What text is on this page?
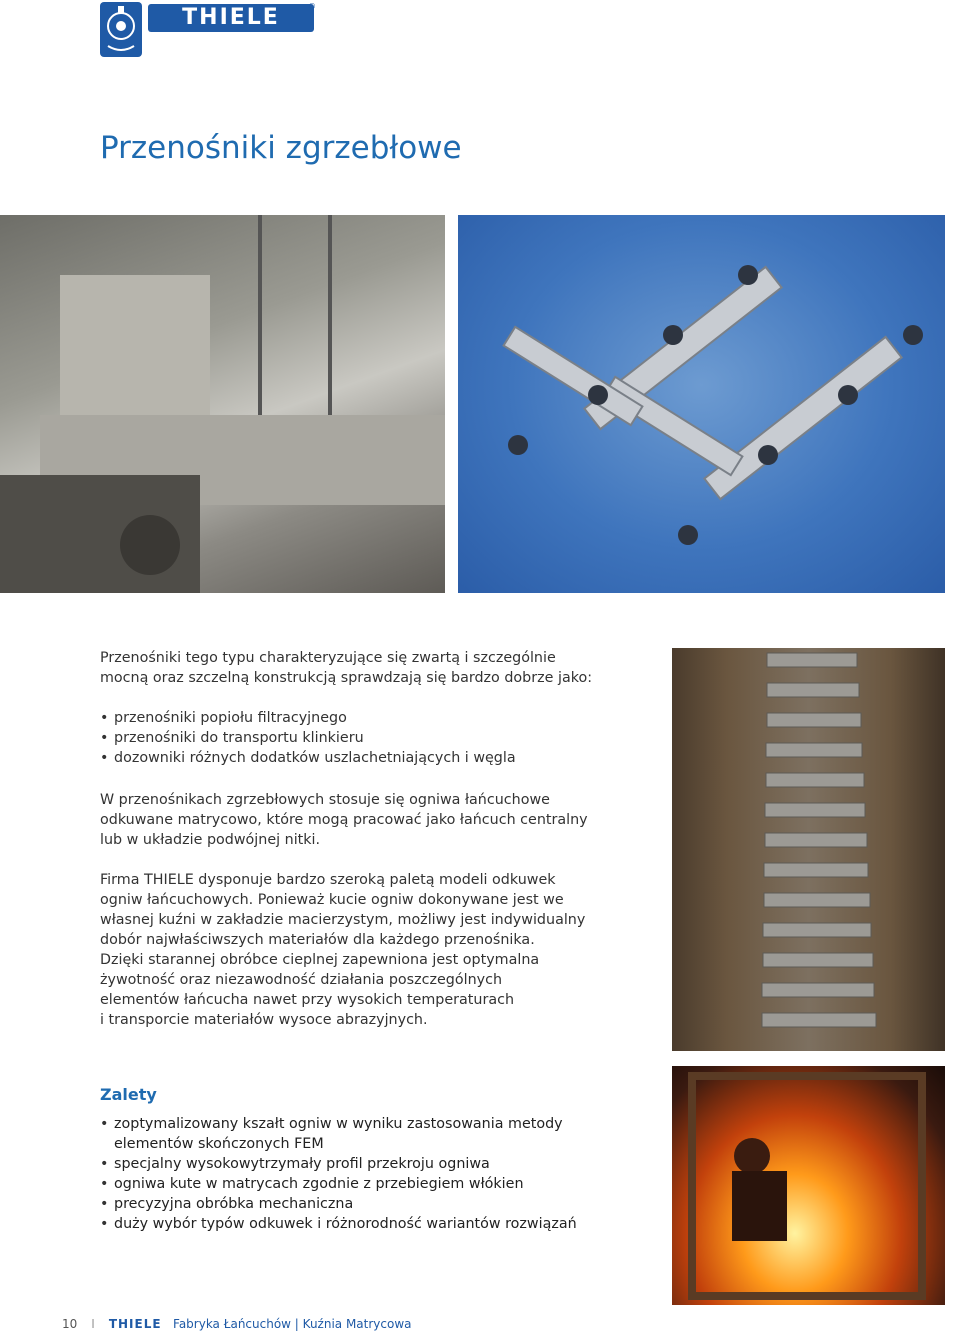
THIELE	®
Przenośniki zgrzebłowe

Przenośniki tego typu charakteryzujące się zwartą i szczególnie
mocną oraz szczelną konstrukcją sprawdzają się bardzo dobrze jako:

• przenośniki popiołu filtracyjnego
• przenośniki do transportu klinkieru
• dozowniki różnych dodatków uszlachetniających i węgla

W przenośnikach zgrzebłowych stosuje się ogniwa łańcuchowe
odkuwane matrycowo, które mogą pracować jako łańcuch centralny
lub w układzie podwójnej nitki.

Firma THIELE dysponuje bardzo szeroką paletą modeli odkuwek
ogniw łańcuchowych. Ponieważ kucie ogniw dokonywane jest we
własnej kuźni w zakładzie macierzystym, możliwy jest indywidualny
dobór najwłaściwszych materiałów dla każdego przenośnika.
Dzięki starannej obróbce cieplnej zapewniona jest optymalna
żywotność oraz niezawodność działania poszczególnych
elementów łańcucha nawet przy wysokich temperaturach
i transporcie materiałów wysoce abrazyjnych.

Zalety
• zoptymalizowany kszałt ogniw w wyniku zastosowania metody
elementów skończonych FEM
• specjalny wysokowytrzymały profil przekroju ogniwa
• ogniwa kute w matrycach zgodnie z przebiegiem włókien
• precyzyjna obróbka mechaniczna
• duży wybór typów odkuwek i różnorodność wariantów rozwiązań
10 I THIELE Fabryka Łańcuchów | Kuźnia Matrycowa
